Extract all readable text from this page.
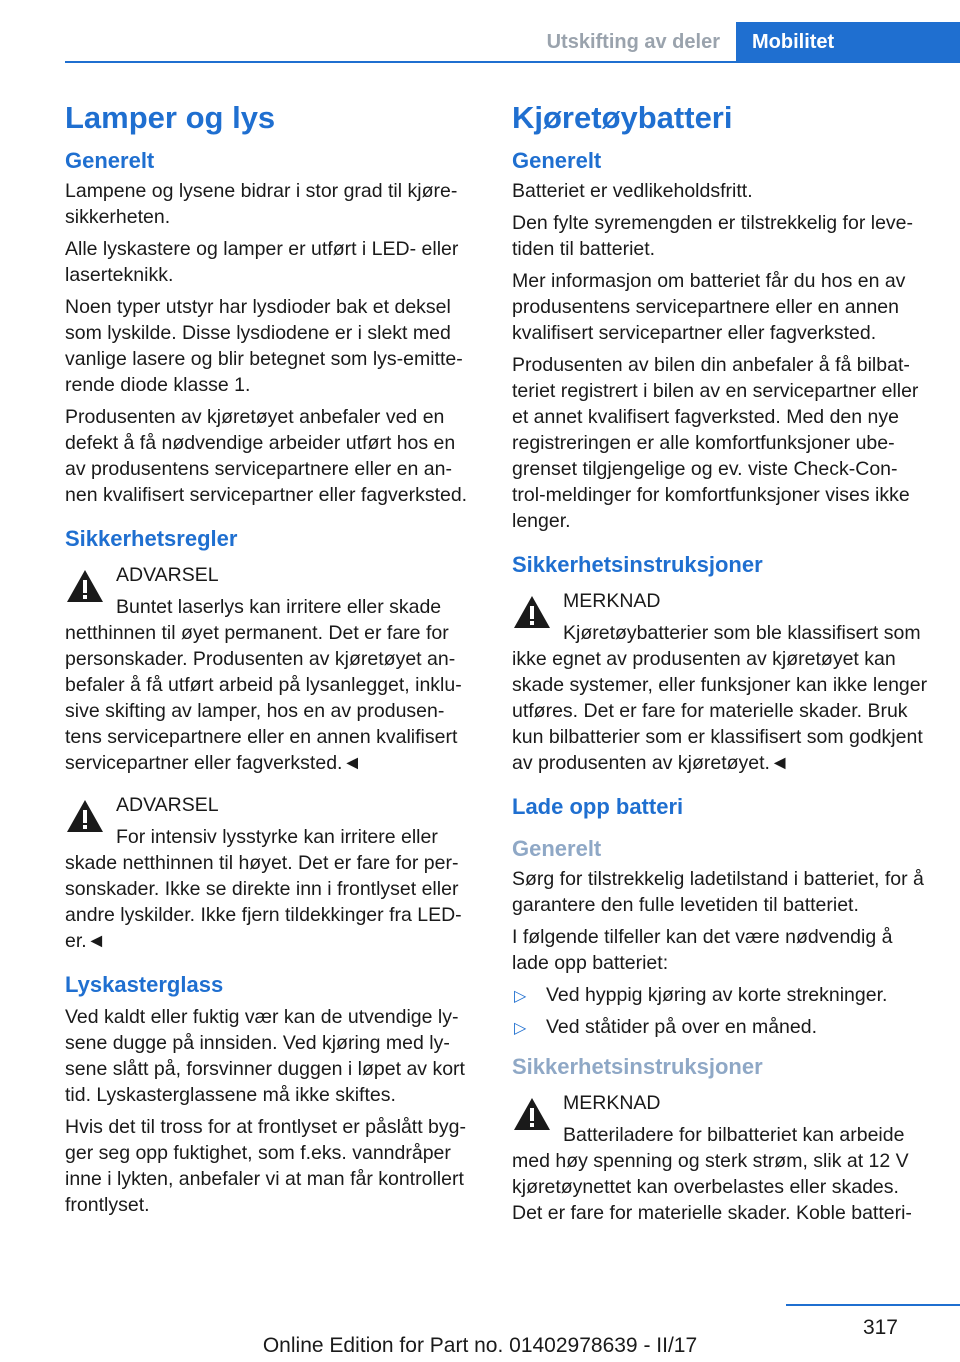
Utskifting av deler	Mobilitet
Lamper og lys
Generelt

Lampene og lysene bidrar i stor grad til kjøre- sikkerheten.

Alle lyskastere og lamper er utført i LED- eller laserteknikk.

Noen typer utstyr har lysdioder bak et deksel som lyskilde. Disse lysdiodene er i slekt med vanlige lasere og blir betegnet som lys-emitte- rende diode klasse 1.

Produsenten av kjøretøyet anbefaler ved en defekt å få nødvendige arbeider utført hos en av produsentens servicepartnere eller en an- nen kvalifisert servicepartner eller fagverksted.

Sikkerhetsregler
ADVARSEL

Buntet laserlys kan irritere eller skade netthinnen til øyet permanent. Det er fare for personskader. Produsenten av kjøretøyet an- befaler å få utført arbeid på lysanlegget, inklu- sive skifting av lamper, hos en av produsen- tens servicepartnere eller en annen kvalifisert servicepartner eller fagverksted.◄

ADVARSEL

For intensiv lysstyrke kan irritere eller skade netthinnen til høyet. Det er fare for per- sonskader. Ikke se direkte inn i frontlyset eller andre lyskilder. Ikke fjern tildekkinger fra LED- er.◄

Lyskasterglass

Ved kaldt eller fuktig vær kan de utvendige ly- sene dugge på innsiden. Ved kjøring med ly- sene slått på, forsvinner duggen i løpet av kort tid. Lyskasterglassene må ikke skiftes.

Hvis det til tross for at frontlyset er påslått byg- ger seg opp fuktighet, som f.eks. vanndråper inne i lykten, anbefaler vi at man får kontrollert frontlyset.

Kjøretøybatteri
Generelt

Batteriet er vedlikeholdsfritt.

Den fylte syremengden er tilstrekkelig for leve- tiden til batteriet.

Mer informasjon om batteriet får du hos en av produsentens servicepartnere eller en annen kvalifisert servicepartner eller fagverksted.

Produsenten av bilen din anbefaler å få bilbat- teriet registrert i bilen av en servicepartner eller et annet kvalifisert fagverksted. Med den nye registreringen er alle komfortfunksjoner ube- grenset tilgjengelige og ev. viste Check-Con- trol-meldinger for komfortfunksjoner vises ikke lenger.

Sikkerhetsinstruksjoner
MERKNAD

Kjøretøybatterier som ble klassifisert som ikke egnet av produsenten av kjøretøyet kan skade systemer, eller funksjoner kan ikke lenger utføres. Det er fare for materielle skader. Bruk kun bilbatterier som er klassifisert som godkjent av produsenten av kjøretøyet.◄

Lade opp batteri
Generelt

Sørg for tilstrekkelig ladetilstand i batteriet, for å garantere den fulle levetiden til batteriet.

I følgende tilfeller kan det være nødvendig å lade opp batteriet:

▷ Ved hyppig kjøring av korte strekninger.
▷ Ved ståtider på over en måned.
Sikkerhetsinstruksjoner
MERKNAD

Batteriladere for bilbatteriet kan arbeide med høy spenning og sterk strøm, slik at 12 V kjøretøynettet kan overbelastes eller skades. Det er fare for materielle skader. Koble batteri-

317
Online Edition for Part no. 01402978639 - II/17
